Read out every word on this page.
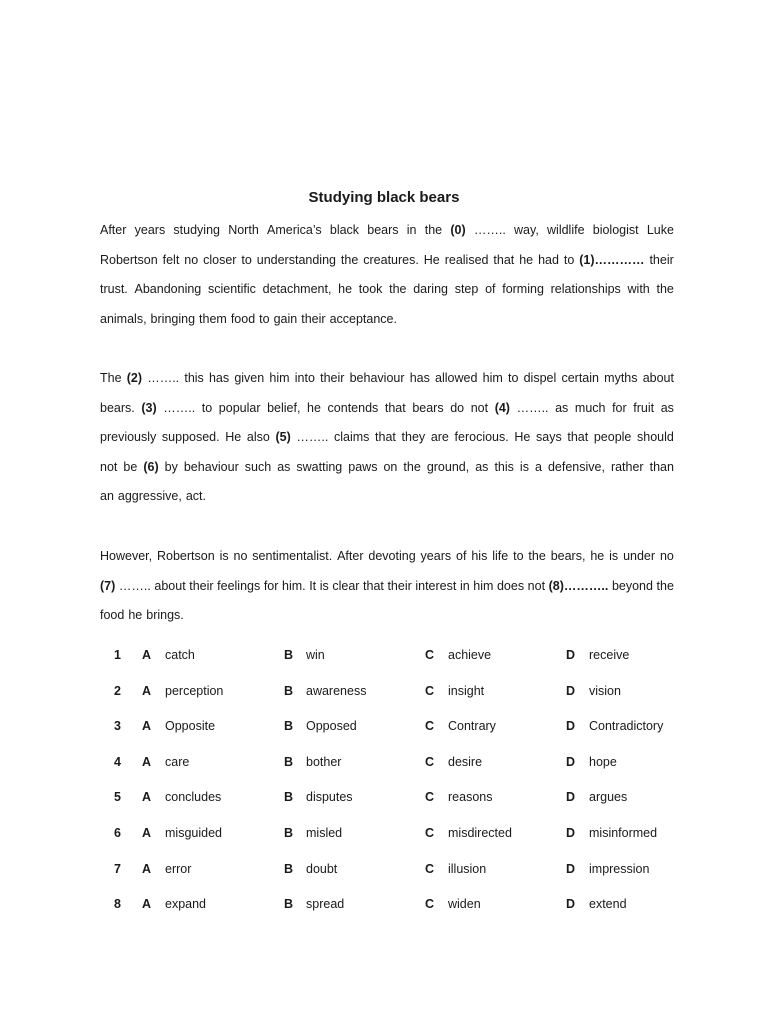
Studying black bears
After years studying North America’s black bears in the (0) …….. way, wildlife biologist Luke
Robertson felt no closer to understanding the creatures. He realised that he had to (1)………… their
trust. Abandoning scientific detachment, he took the daring step of forming relationships with the
animals, bringing them food to gain their acceptance.
The (2) …….. this has given him into their behaviour has allowed him to dispel certain myths about
bears. (3) …….. to popular belief, he contends that bears do not (4) …….. as much for fruit as
previously supposed. He also (5) …….. claims that they are ferocious. He says that people should
not be (6) by behaviour such as swatting paws on the ground, as this is a defensive, rather than
an aggressive, act.
However, Robertson is no sentimentalist. After devoting years of his life to the bears, he is under no
(7) …….. about their feelings for him. It is clear that their interest in him does not (8)……….. beyond the
food he brings.
1 A catch	B win	C achieve	D receive
2 A perception	B awareness	C insight	D vision
3 A Opposite	B Opposed	C Contrary	D Contradictory
4 A care	B bother	C desire	D hope
5 A concludes	B disputes	C reasons	D argues
6 A misguided	B misled	C misdirected	D misinformed
7 A error	B doubt	C illusion	D impression
8 A expand	B spread	C widen	D extend
